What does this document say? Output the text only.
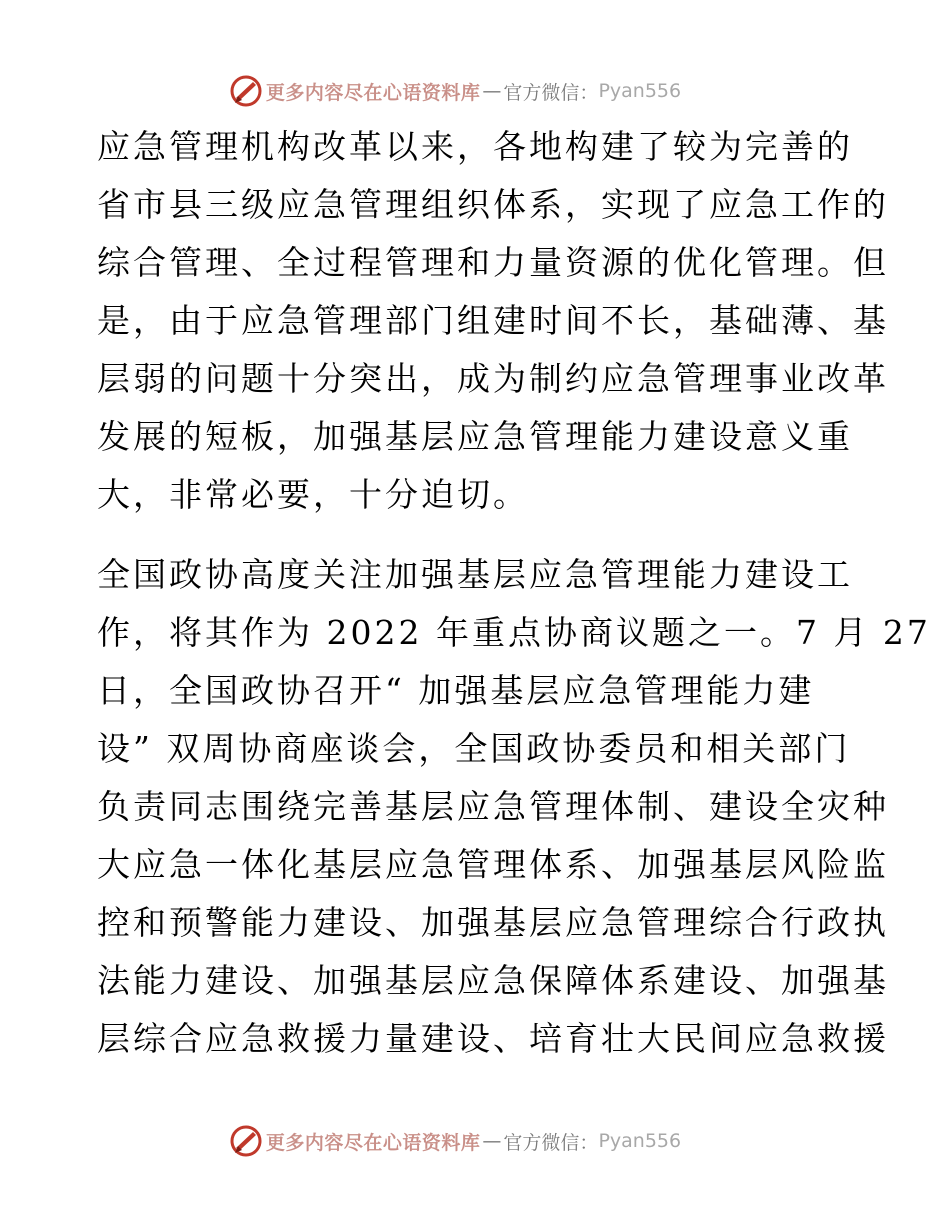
更多内容尽在心语资料库 — 官方微信： Pyan556

应急管理机构改革以来，各地构建了较为完善的
省市县三级应急管理组织体系，实现了应急工作的
综合管理、全过程管理和力量资源的优化管理。但
是，由于应急管理部门组建时间不长，基础薄、基
层弱的问题十分突出，成为制约应急管理事业改革
发展的短板，加强基层应急管理能力建设意义重
大，非常必要，十分迫切。

全国政协高度关注加强基层应急管理能力建设工
作，将其作为 2022 年重点协商议题之一。7 月 27
日，全国政协召开“ 加强基层应急管理能力建
设” 双周协商座谈会，全国政协委员和相关部门
负责同志围绕完善基层应急管理体制、建设全灾种
大应急一体化基层应急管理体系、加强基层风险监
控和预警能力建设、加强基层应急管理综合行政执
法能力建设、加强基层应急保障体系建设、加强基
层综合应急救援力量建设、培育壮大民间应急救援

更多内容尽在心语资料库 — 官方微信： Pyan556
